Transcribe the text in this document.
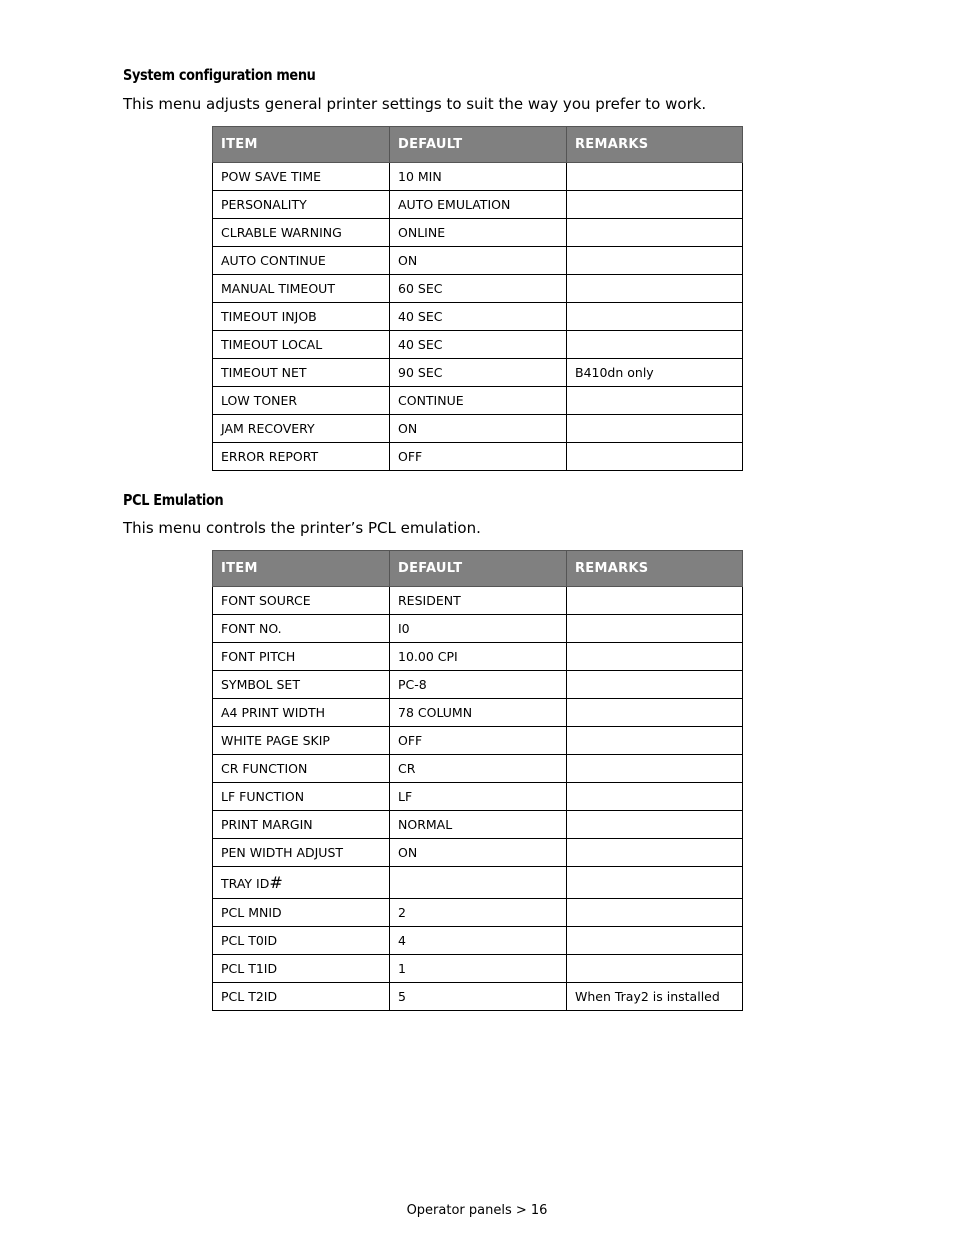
System configuration menu

This menu adjusts general printer settings to suit the way you prefer to work.

ITEM	DEFAULT	REMARKS
POW SAVE TIME	10 MIN	
PERSONALITY	AUTO EMULATION	
CLRABLE WARNING	ONLINE	
AUTO CONTINUE	ON	
MANUAL TIMEOUT	60 SEC	
TIMEOUT INJOB	40 SEC	
TIMEOUT LOCAL	40 SEC	
TIMEOUT NET	90 SEC	B410dn only
LOW TONER	CONTINUE	
JAM RECOVERY	ON	
ERROR REPORT	OFF	
PCL Emulation

This menu controls the printer’s PCL emulation.

ITEM	DEFAULT	REMARKS
FONT SOURCE	RESIDENT	
FONT NO.	I0	
FONT PITCH	10.00 CPI	
SYMBOL SET	PC-8	
A4 PRINT WIDTH	78 COLUMN	
WHITE PAGE SKIP	OFF	
CR FUNCTION	CR	
LF FUNCTION	LF	
PRINT MARGIN	NORMAL	
PEN WIDTH ADJUST	ON	
TRAY ID#		
PCL MNID	2	
PCL T0ID	4	
PCL T1ID	1	
PCL T2ID	5	When Tray2 is installed
Operator panels > 16
